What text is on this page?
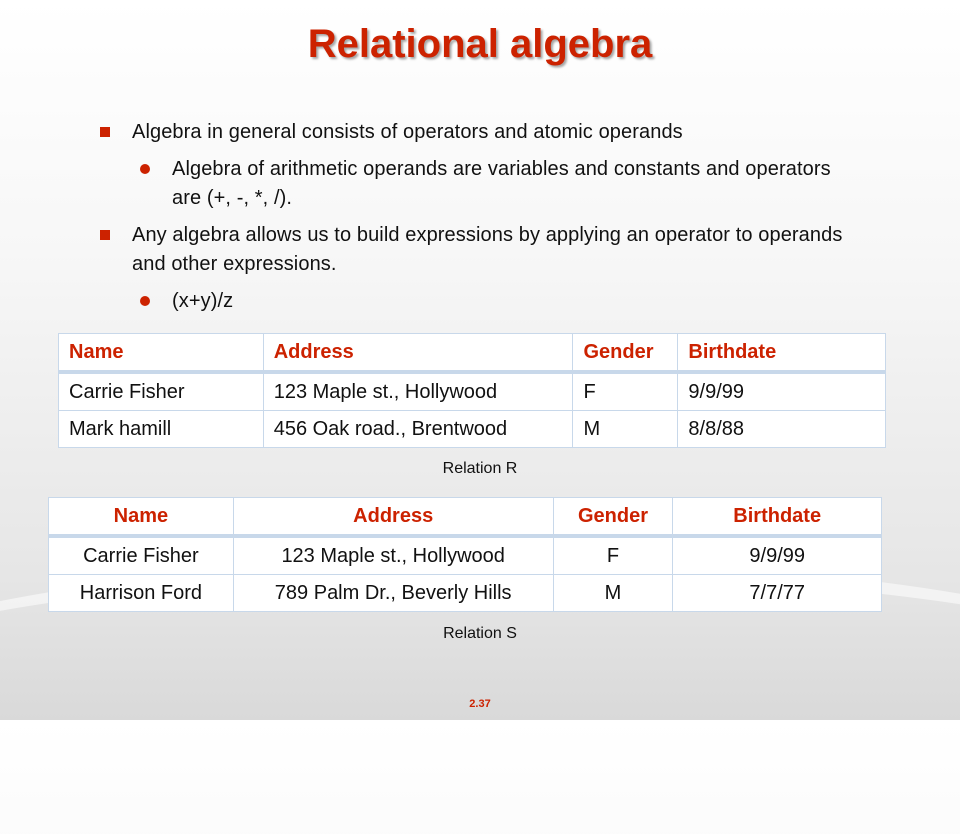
Relational algebra
Algebra in general consists of operators and atomic operands
Algebra of arithmetic operands are variables and constants and operators are (+, -, *, /).
Any algebra allows us to build expressions by applying an operator to operands and other expressions.
(x+y)/z
Name	Address	Gender	Birthdate
Carrie Fisher	123 Maple st., Hollywood	F	9/9/99
Mark hamill	456 Oak road., Brentwood	M	8/8/88
Relation R
Name	Address	Gender	Birthdate
Carrie Fisher	123 Maple st., Hollywood	F	9/9/99
Harrison Ford	789 Palm Dr., Beverly Hills	M	7/7/77
Relation S
2.37
